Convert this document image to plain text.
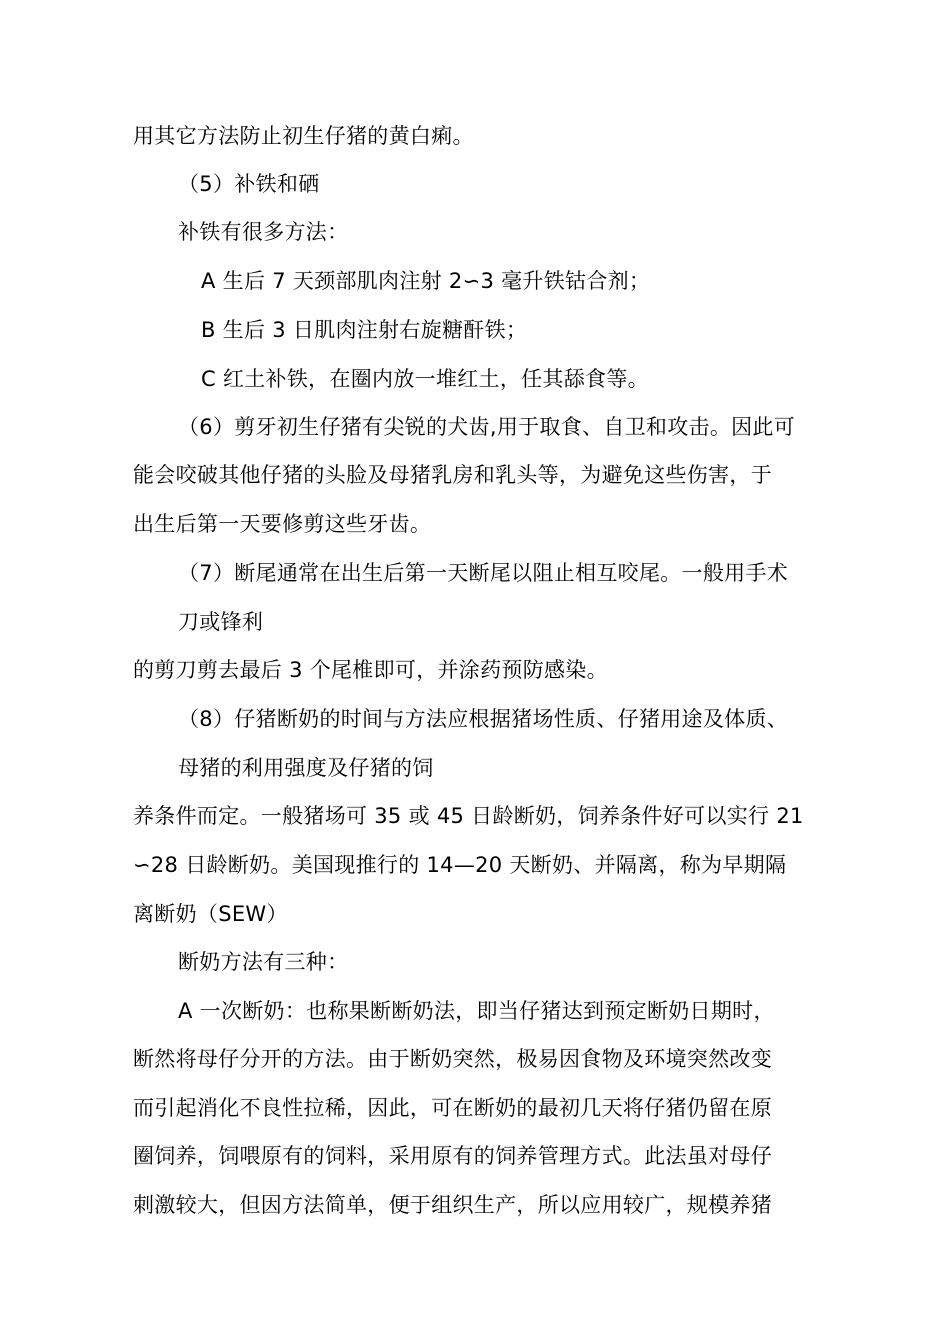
用其它方法防止初生仔猪的黄白痢。
（5）补铁和硒
补铁有很多方法：
A 生后 7 天颈部肌肉注射 2∽3 毫升铁钴合剂；
B 生后 3 日肌肉注射右旋糖酐铁；
C 红土补铁，在圈内放一堆红土，任其舔食等。
（6）剪牙初生仔猪有尖锐的犬齿,用于取食、自卫和攻击。因此可
能会咬破其他仔猪的头脸及母猪乳房和乳头等，为避免这些伤害，于
出生后第一天要修剪这些牙齿。
（7）断尾通常在出生后第一天断尾以阻止相互咬尾。一般用手术
刀或锋利
的剪刀剪去最后 3 个尾椎即可，并涂药预防感染。
（8）仔猪断奶的时间与方法应根据猪场性质、仔猪用途及体质、
母猪的利用强度及仔猪的饲
养条件而定。一般猪场可 35 或 45 日龄断奶，饲养条件好可以实行 21
∽28 日龄断奶。美国现推行的 14—20 天断奶、并隔离，称为早期隔
离断奶（SEW）
断奶方法有三种：
A 一次断奶：也称果断断奶法，即当仔猪达到预定断奶日期时，
断然将母仔分开的方法。由于断奶突然，极易因食物及环境突然改变
而引起消化不良性拉稀，因此，可在断奶的最初几天将仔猪仍留在原
圈饲养，饲喂原有的饲料，采用原有的饲养管理方式。此法虽对母仔
刺激较大，但因方法简单，便于组织生产，所以应用较广，规模养猪
